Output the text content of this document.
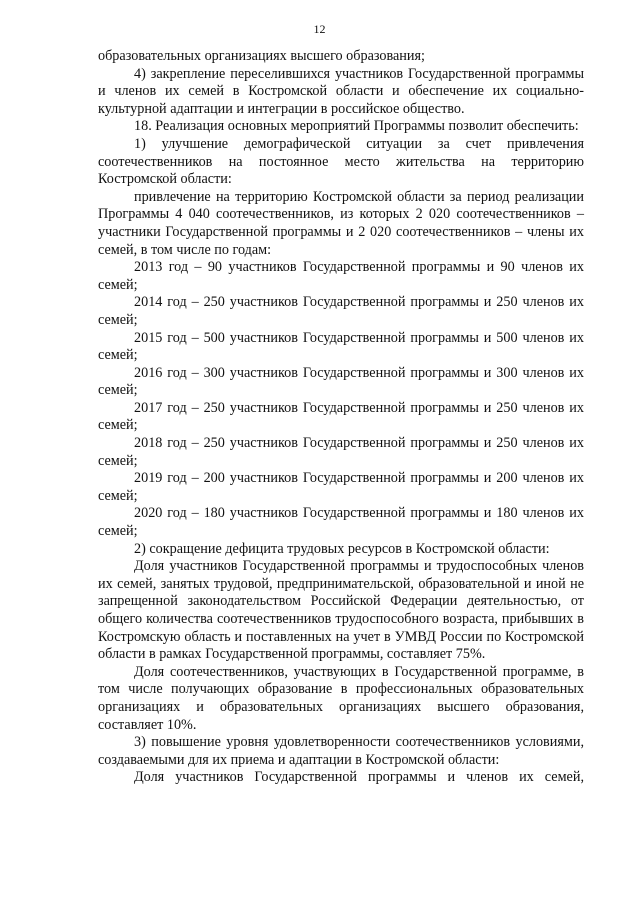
12

образовательных организациях высшего образования;

4) закрепление переселившихся участников Государственной программы и членов их семей в Костромской области и обеспечение их социально-культурной адаптации и интеграции в российское общество.

18. Реализация основных мероприятий Программы позволит обеспечить:

1) улучшение демографической ситуации за счет привлечения соотечественников на постоянное место жительства на территорию Костромской области:

привлечение на территорию Костромской области за период реализации Программы 4 040 соотечественников, из которых 2 020 соотечественников – участники Государственной программы и 2 020 соотечественников – члены их семей, в том числе по годам:

2013 год – 90 участников Государственной программы и 90 членов их семей;

2014 год – 250 участников Государственной программы и 250 членов их семей;

2015 год – 500 участников Государственной программы и 500 членов их семей;

2016 год – 300 участников Государственной программы и 300 членов их семей;

2017 год – 250 участников Государственной программы и 250 членов их семей;

2018 год – 250 участников Государственной программы и 250 членов их семей;

2019 год – 200 участников Государственной программы и 200 членов их семей;

2020 год – 180 участников Государственной программы и 180 членов их семей;

2) сокращение дефицита трудовых ресурсов в Костромской области:

Доля участников Государственной программы и трудоспособных членов их семей, занятых трудовой, предпринимательской, образовательной и иной не запрещенной законодательством Российской Федерации деятельностью, от общего количества соотечественников трудоспособного возраста, прибывших в Костромскую область и поставленных на учет в УМВД России по Костромской области в рамках Государственной программы, составляет 75%.

Доля соотечественников, участвующих в Государственной программе, в том числе получающих образование в профессиональных образовательных организациях и образовательных организациях высшего образования, составляет 10%.

3) повышение уровня удовлетворенности соотечественников условиями, создаваемыми для их приема и адаптации в Костромской области:

Доля участников Государственной программы и членов их семей,
